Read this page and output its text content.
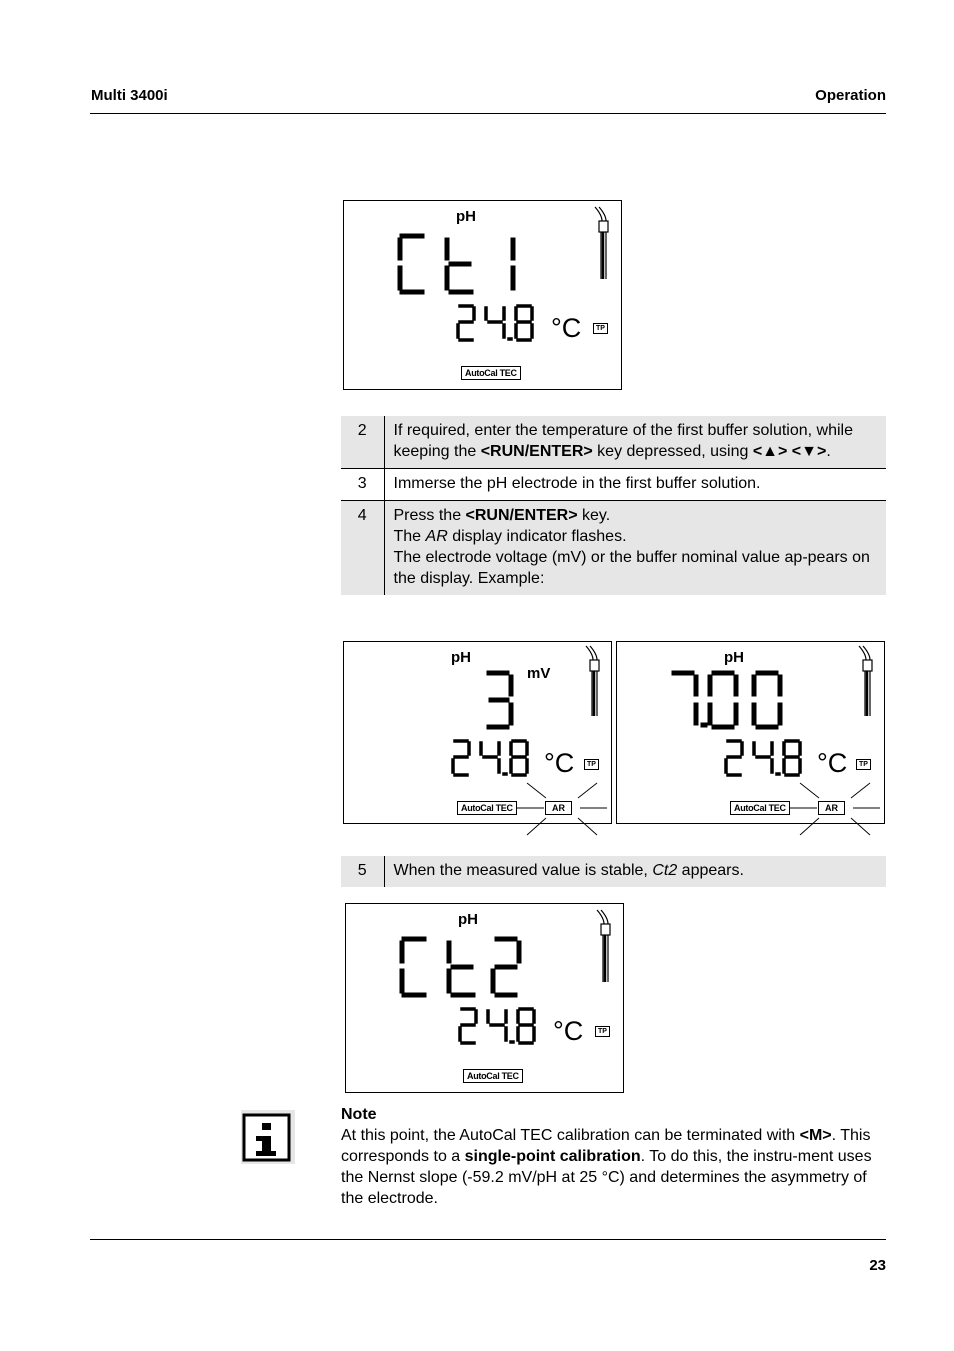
Multi 3400i	Operation
pH
°C	TP
AutoCal TEC
2	If required, enter the temperature of the first buffer solution, while keeping the <RUN/ENTER> key depressed, using <▲> <▼>.
3	Immerse the pH electrode in the first buffer solution.
4	Press the <RUN/ENTER> key.
The AR display indicator flashes.
The electrode voltage (mV) or the buffer nominal value ap-pears on the display. Example:
pH
mV
°C	TP
AutoCal TEC	AR
pH
°C	TP
AutoCal TEC	AR
5	When the measured value is stable, Ct2 appears.
pH
°C	TP
AutoCal TEC
Note
At this point, the AutoCal TEC calibration can be terminated with <M>. This corresponds to a single-point calibration. To do this, the instru-ment uses the Nernst slope (-59.2 mV/pH at 25 °C) and determines the asymmetry of the electrode.
23
